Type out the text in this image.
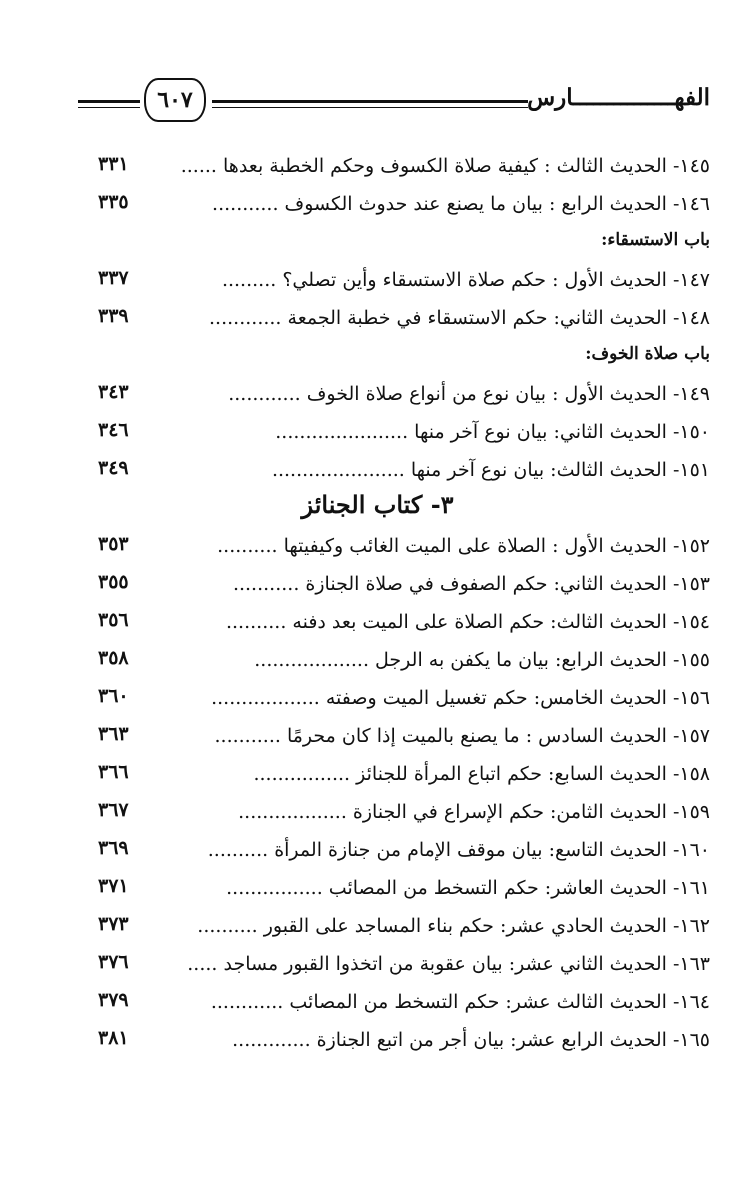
٦٠٧	الفهـــــــــــــــارس
٣٣١	١٤٥- الحديث الثالث : كيفية صلاة الكسوف وحكم الخطبة بعدها ......
٣٣٥	١٤٦- الحديث الرابع : بيان ما يصنع عند حدوث الكسوف ...........
باب الاستسقاء:
٣٣٧	١٤٧- الحديث الأول : حكم صلاة الاستسقاء وأين تصلي؟ .........
٣٣٩	١٤٨- الحديث الثاني: حكم الاستسقاء في خطبة الجمعة ............
باب صلاة الخوف:
٣٤٣	١٤٩- الحديث الأول : بيان نوع من أنواع صلاة الخوف ............
٣٤٦	١٥٠- الحديث الثاني: بيان نوع آخر منها ......................
٣٤٩	١٥١- الحديث الثالث: بيان نوع آخر منها ......................
٣- كتاب الجنائز
٣٥٣	١٥٢- الحديث الأول : الصلاة على الميت الغائب وكيفيتها ..........
٣٥٥	١٥٣- الحديث الثاني: حكم الصفوف في صلاة الجنازة ...........
٣٥٦	١٥٤- الحديث الثالث: حكم الصلاة على الميت بعد دفنه ..........
٣٥٨	١٥٥- الحديث الرابع: بيان ما يكفن به الرجل ...................
٣٦٠	١٥٦- الحديث الخامس: حكم تغسيل الميت وصفته ..................
٣٦٣	١٥٧- الحديث السادس : ما يصنع بالميت إذا كان محرمًا ...........
٣٦٦	١٥٨- الحديث السابع: حكم اتباع المرأة للجنائز ................
٣٦٧	١٥٩- الحديث الثامن: حكم الإسراع في الجنازة ..................
٣٦٩	١٦٠- الحديث التاسع: بيان موقف الإمام من جنازة المرأة ..........
٣٧١	١٦١- الحديث العاشر: حكم التسخط من المصائب ................
٣٧٣	١٦٢- الحديث الحادي عشر: حكم بناء المساجد على القبور ..........
٣٧٦	١٦٣- الحديث الثاني عشر: بيان عقوبة من اتخذوا القبور مساجد .....
٣٧٩	١٦٤- الحديث الثالث عشر: حكم التسخط من المصائب ............
٣٨١	١٦٥- الحديث الرابع عشر: بيان أجر من اتبع الجنازة .............
